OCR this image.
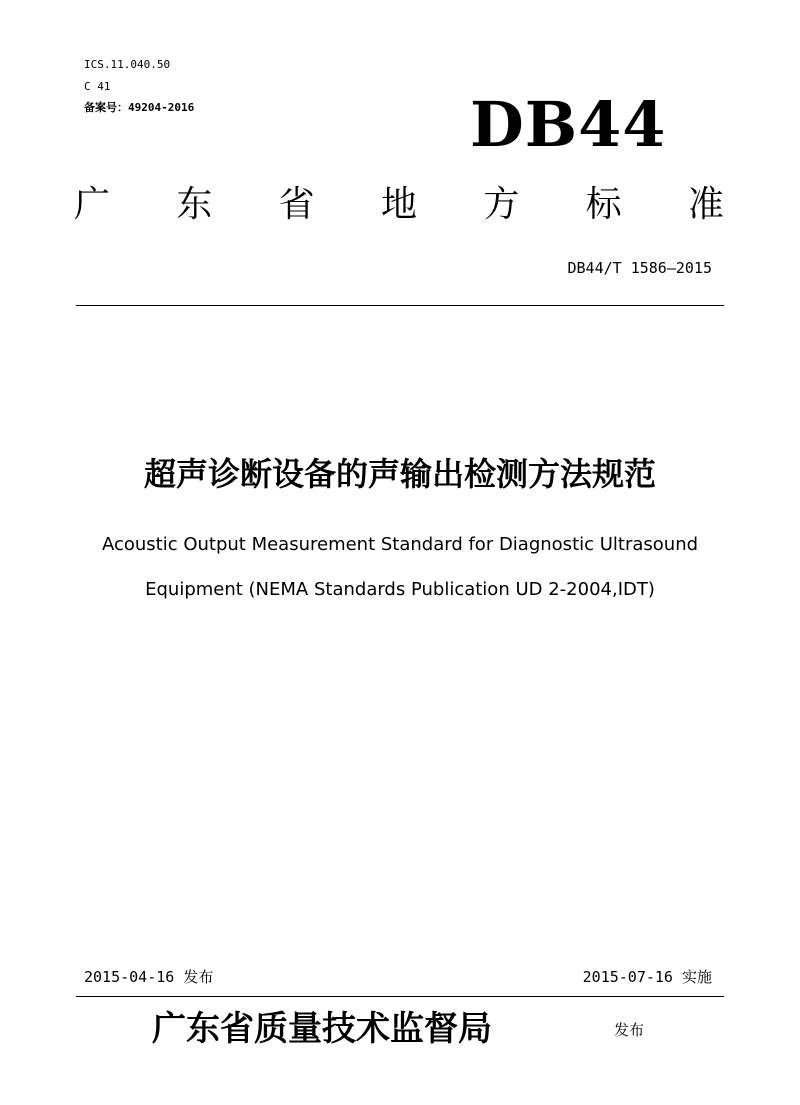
ICS.11.040.50
C 41
备案号：49204-2016	DB44
广 东 省 地 方 标 准
DB44/T 1586—2015
超声诊断设备的声输出检测方法规范
Acoustic Output Measurement Standard for Diagnostic Ultrasound
Equipment (NEMA Standards Publication UD 2-2004,IDT)
2015-04-16 发布	2015-07-16 实施
广东省质量技术监督局	发布
